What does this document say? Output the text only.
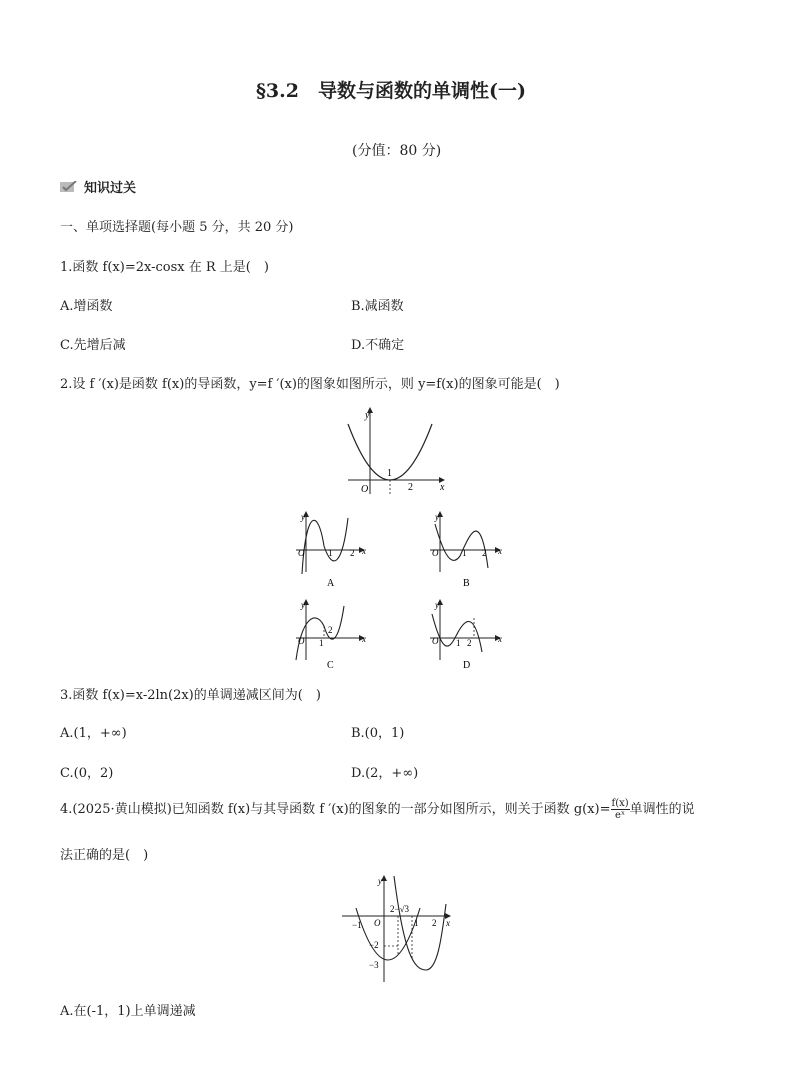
§3.2　导数与函数的单调性(一)
(分值：80 分)
知识过关
一、单项选择题(每小题 5 分，共 20 分)
1.函数 f(x)=2x-cosx 在 R 上是(　)
A.增函数	B.减函数
C.先增后减	D.不确定
2.设 f ′(x)是函数 f(x)的导函数，y=f ′(x)的图象如图所示，则 y=f(x)的图象可能是(　)
y
x
O
1
2
y
x
O	1 2
A
y
x
O	1 2
B
y
x
O 1
2
C
y
x
O 1 2
D
3.函数 f(x)=x-2ln(2x)的单调递减区间为(　)
A.(1，+∞)	B.(0，1)
C.(0，2)	D.(2，+∞)
4.(2025·黄山模拟)已知函数 f(x)与其导函数 f ′(x)的图象的一部分如图所示，则关于函数 $g(x)= \frac{f(x)}{\text{eˣ}}$ 单调性的说
法正确的是(　)
y
x
O
−1
−2
−3
2−√3
1 2
A.在(-1，1)上单调递减
